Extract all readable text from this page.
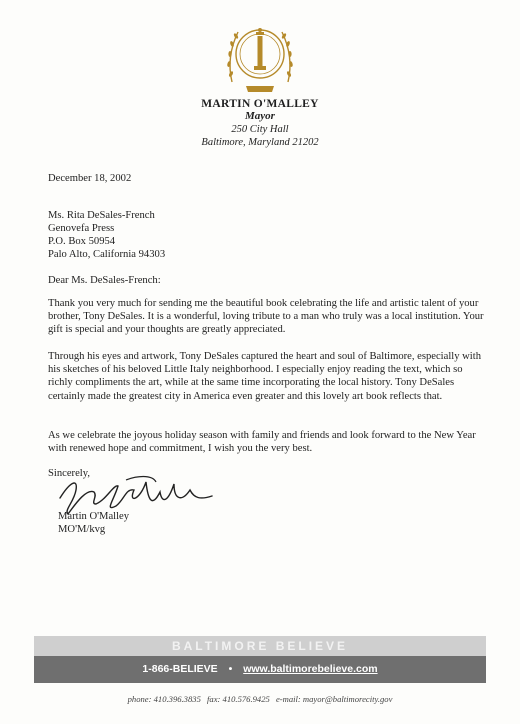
MARTIN O'MALLEY
Mayor
250 City Hall
Baltimore, Maryland 21202
December 18, 2002
Ms. Rita DeSales-French
Genovefa Press
P.O. Box 50954
Palo Alto, California 94303
Dear Ms. DeSales-French:
Thank you very much for sending me the beautiful book celebrating the life and artistic talent of your brother, Tony DeSales. It is a wonderful, loving tribute to a man who truly was a local institution. Your gift is special and your thoughts are greatly appreciated.
Through his eyes and artwork, Tony DeSales captured the heart and soul of Baltimore, especially with his sketches of his beloved Little Italy neighborhood. I especially enjoy reading the text, which so richly compliments the art, while at the same time incorporating the local history. Tony DeSales certainly made the greatest city in America even greater and this lovely art book reflects that.
As we celebrate the joyous holiday season with family and friends and look forward to the New Year with renewed hope and commitment, I wish you the very best.
Sincerely,
Martin O'Malley
MO'M/kvg
BALTIMORE BELIEVE
1-866-BELIEVE • www.baltimorebelieve.com
phone: 410.396.3835 fax: 410.576.9425 e-mail: mayor@baltimorecity.gov
